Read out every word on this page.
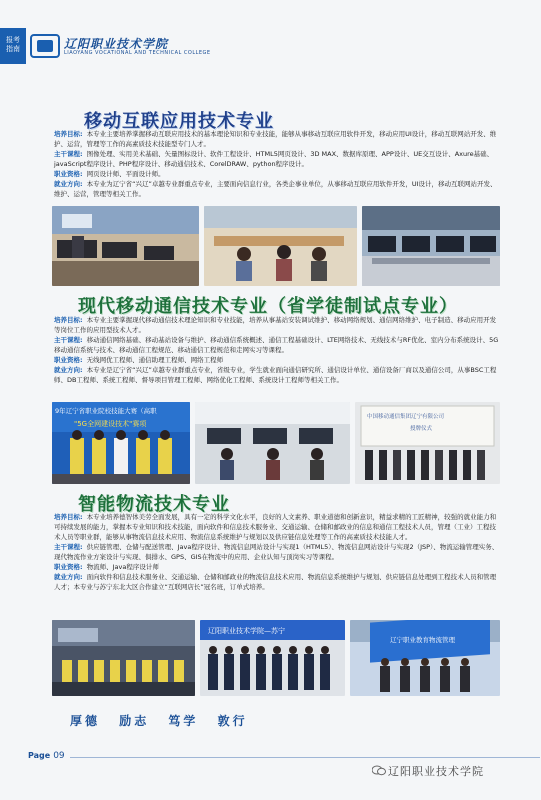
报考
指南	辽阳职业技术学院
LIAOYANG VOCATIONAL AND TECHNICAL COLLEGE
移动互联应用技术专业

培养目标: 本专业主要培养掌握移动互联应用技术的基本理论知识和专业技能，能够从事移动互联应用软件开发，移动应用UI设计，移动互联网站开发、维护、运营，管理等工作的高素质技术技能型专门人才。

主干课程: 图像处理、实用美术基础、矢量图标设计、软件工程设计、HTML5网页设计、3D MAX、数据库原理、APP设计、UE交互设计、Axure基础、javaScript程序设计、PHP程序设计、移动通信技术、CorelDRAW、python程序设计。

职业资格: 网页设计师、平面设计师。

就业方向: 本专业为辽宁省“兴辽”卓越专业群重点专业，主要面向信息行业，各类企事业单位，从事移动互联应用软件开发，UI设计，移动互联网站开发、维护、运营，管理等相关工作。

现代移动通信技术专业（省学徒制试点专业）

培养目标: 本专业主要掌握现代移动通信技术理论知识和专业技能，培养从事基站安装调试维护、移动网络规划、通信网络维护、电子制造、移动应用开发等岗位工作的应用型技术人才。

主干课程: 移动通信网络基础、移动基站设备与维护、移动通信系统概述、通信工程基础设计、LTE网络技术、无线技术与RF优化、室内分布系统设计、5G移动通信系统与技术、移动通信工程规范、移动通信工程规范和走网实习等课程。

职业资格: 无线网优工程师、通信助理工程师、网络工程师

就业方向: 本专业是辽宁省“兴辽”卓越专业群重点专业，省级专业，学生就业面向通信研究所、通信设计单位、通信设备厂商以及通信公司，从事BSC工程师、DB工程师、系统工程师、督导项目管理工程师、网络优化工程师、系统设计工程师等相关工作。

9年辽宁省职业院校技能大赛（高职
"5G全网建设技术"赛项
中国移动通信集团辽宁有限公司
授牌仪式
智能物流技术专业

培养目标: 本专业培养德智体美劳全面发展，具有一定的科学文化水平，良好的人文素养、职业道德和创新意识，精益求精的工匠精神，较强的就业能力和可持续发展的能力，掌握本专业知识和技术技能，面向软件和信息技术服务业、交通运输、仓储和邮政业的信息和通信工程技术人员，管理（工业）工程技术人员等职业群，能够从事物流信息技术应用、物流信息系统维护与规划以及供应链信息处理等工作的高素质技术技能人才。

主干课程: 供应链管理、仓储与配送管理、Java程序设计、物流信息网站设计与实现1（HTML5）、物流信息网站设计与实现2（JSP）、物流运输管理实务、现代物流作业方案设计与实现、俱排水、GPS、GIS在物流中的应用、企业认知与顶岗实习等课程。

职业资格: 物流师、Java程序设计师

就业方向: 面向软件和信息技术服务业、交通运输、仓储和邮政业的物流信息技术应用、物流信息系统维护与规划、供应链信息处理到工程技术人员和管理人才；本专业与苏宁东北大区合作建立“互联网店长”冠名班，订单式培养。

辽阳职业技术学院—苏宁
辽宁职业教育物流管理
厚德 励志 笃学 敦行
Page 09
辽阳职业技术学院
